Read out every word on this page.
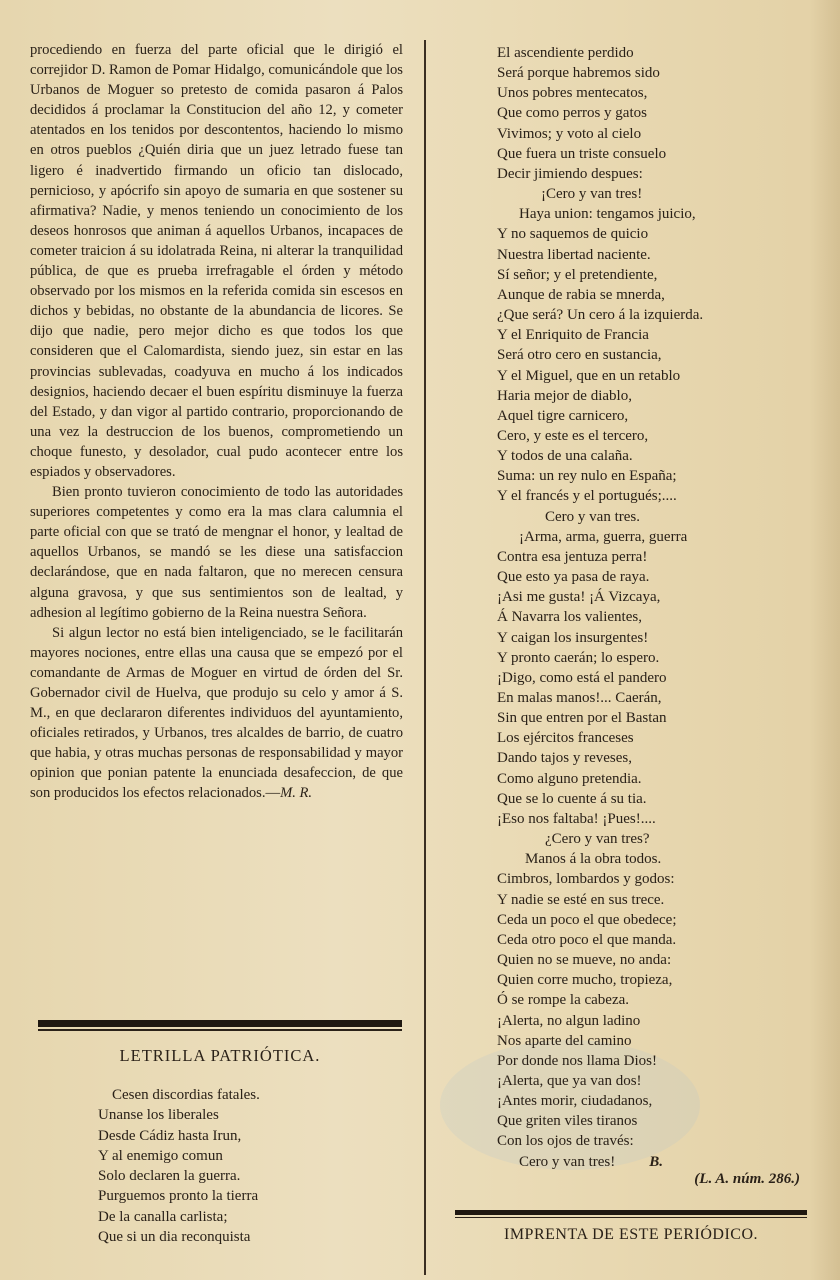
procediendo en fuerza del parte oficial que le dirigió el correjidor D. Ramon de Pomar Hidalgo, comunicándole que los Urbanos de Moguer so pretesto de comida pasaron á Palos decididos á proclamar la Constitucion del año 12, y cometer atentados en los tenidos por descontentos, haciendo lo mismo en otros pueblos ¿Quién diria que un juez letrado fuese tan ligero é inadvertido firmando un oficio tan dislocado, pernicioso, y apócrifo sin apoyo de sumaria en que sostener su afirmativa? Nadie, y menos teniendo un conocimiento de los deseos honrosos que animan á aquellos Urbanos, incapaces de cometer traicion á su idolatrada Reina, ni alterar la tranquilidad pública, de que es prueba irrefragable el órden y método observado por los mismos en la referida comida sin escesos en dichos y bebidas, no obstante de la abundancia de licores. Se dijo que nadie, pero mejor dicho es que todos los que consideren que el Calomardista, siendo juez, sin estar en las provincias sublevadas, coadyuva en mucho á los indicados designios, haciendo decaer el buen espíritu disminuye la fuerza del Estado, y dan vigor al partido contrario, proporcionando de una vez la destruccion de los buenos, comprometiendo un choque funesto, y desolador, cual pudo acontecer entre los espiados y observadores.

Bien pronto tuvieron conocimiento de todo las autoridades superiores competentes y como era la mas clara calumnia el parte oficial con que se trató de mengnar el honor, y lealtad de aquellos Urbanos, se mandó se les diese una satisfaccion declarándose, que en nada faltaron, que no merecen censura alguna gravosa, y que sus sentimientos son de lealtad, y adhesion al legítimo gobierno de la Reina nuestra Señora.

Si algun lector no está bien inteligenciado, se le facilitarán mayores nociones, entre ellas una causa que se empezó por el comandante de Armas de Moguer en virtud de órden del Sr. Gobernador civil de Huelva, que produjo su celo y amor á S. M., en que declararon diferentes individuos del ayuntamiento, oficiales retirados, y Urbanos, tres alcaldes de barrio, de cuatro que habia, y otras muchas personas de responsabilidad y mayor opinion que ponian patente la enunciada desafeccion, de que son producidos los efectos relacionados.—M. R.

LETRILLA PATRIÓTICA.
Cesen discordias fatales.
Unanse los liberales
Desde Cádiz hasta Irun,
Y al enemigo comun
Solo declaren la guerra.
Purguemos pronto la tierra
De la canalla carlista;
Que si un dia reconquista
El ascendiente perdido
Será porque habremos sido
Unos pobres mentecatos,
Que como perros y gatos
Vivimos; y voto al cielo
Que fuera un triste consuelo
Decir jimiendo despues:
¡Cero y van tres!
Haya union: tengamos juicio,
Y no saquemos de quicio
Nuestra libertad naciente.
Sí señor; y el pretendiente,
Aunque de rabia se mnerda,
¿Que será? Un cero á la izquierda.
Y el Enriquito de Francia
Será otro cero en sustancia,
Y el Miguel, que en un retablo
Haria mejor de diablo,
Aquel tigre carnicero,
Cero, y este es el tercero,
Y todos de una calaña.
Suma: un rey nulo en España;
Y el francés y el portugués;....
Cero y van tres.
¡Arma, arma, guerra, guerra
Contra esa jentuza perra!
Que esto ya pasa de raya.
¡Asi me gusta! ¡Á Vizcaya,
Á Navarra los valientes,
Y caigan los insurgentes!
Y pronto caerán; lo espero.
¡Digo, como está el pandero
En malas manos!... Caerán,
Sin que entren por el Bastan
Los ejércitos franceses
Dando tajos y reveses,
Como alguno pretendia.
Que se lo cuente á su tia.
¡Eso nos faltaba! ¡Pues!....
¿Cero y van tres?
Manos á la obra todos.
Cimbros, lombardos y godos:
Y nadie se esté en sus trece.
Ceda un poco el que obedece;
Ceda otro poco el que manda.
Quien no se mueve, no anda:
Quien corre mucho, tropieza,
Ó se rompe la cabeza.
¡Alerta, no algun ladino
Nos aparte del camino
Por donde nos llama Dios!
¡Alerta, que ya van dos!
¡Antes morir, ciudadanos,
Que griten viles tiranos
Con los ojos de través:
Cero y van tres! B.
(L. A. núm. 286.)
IMPRENTA DE ESTE PERIÓDICO.
